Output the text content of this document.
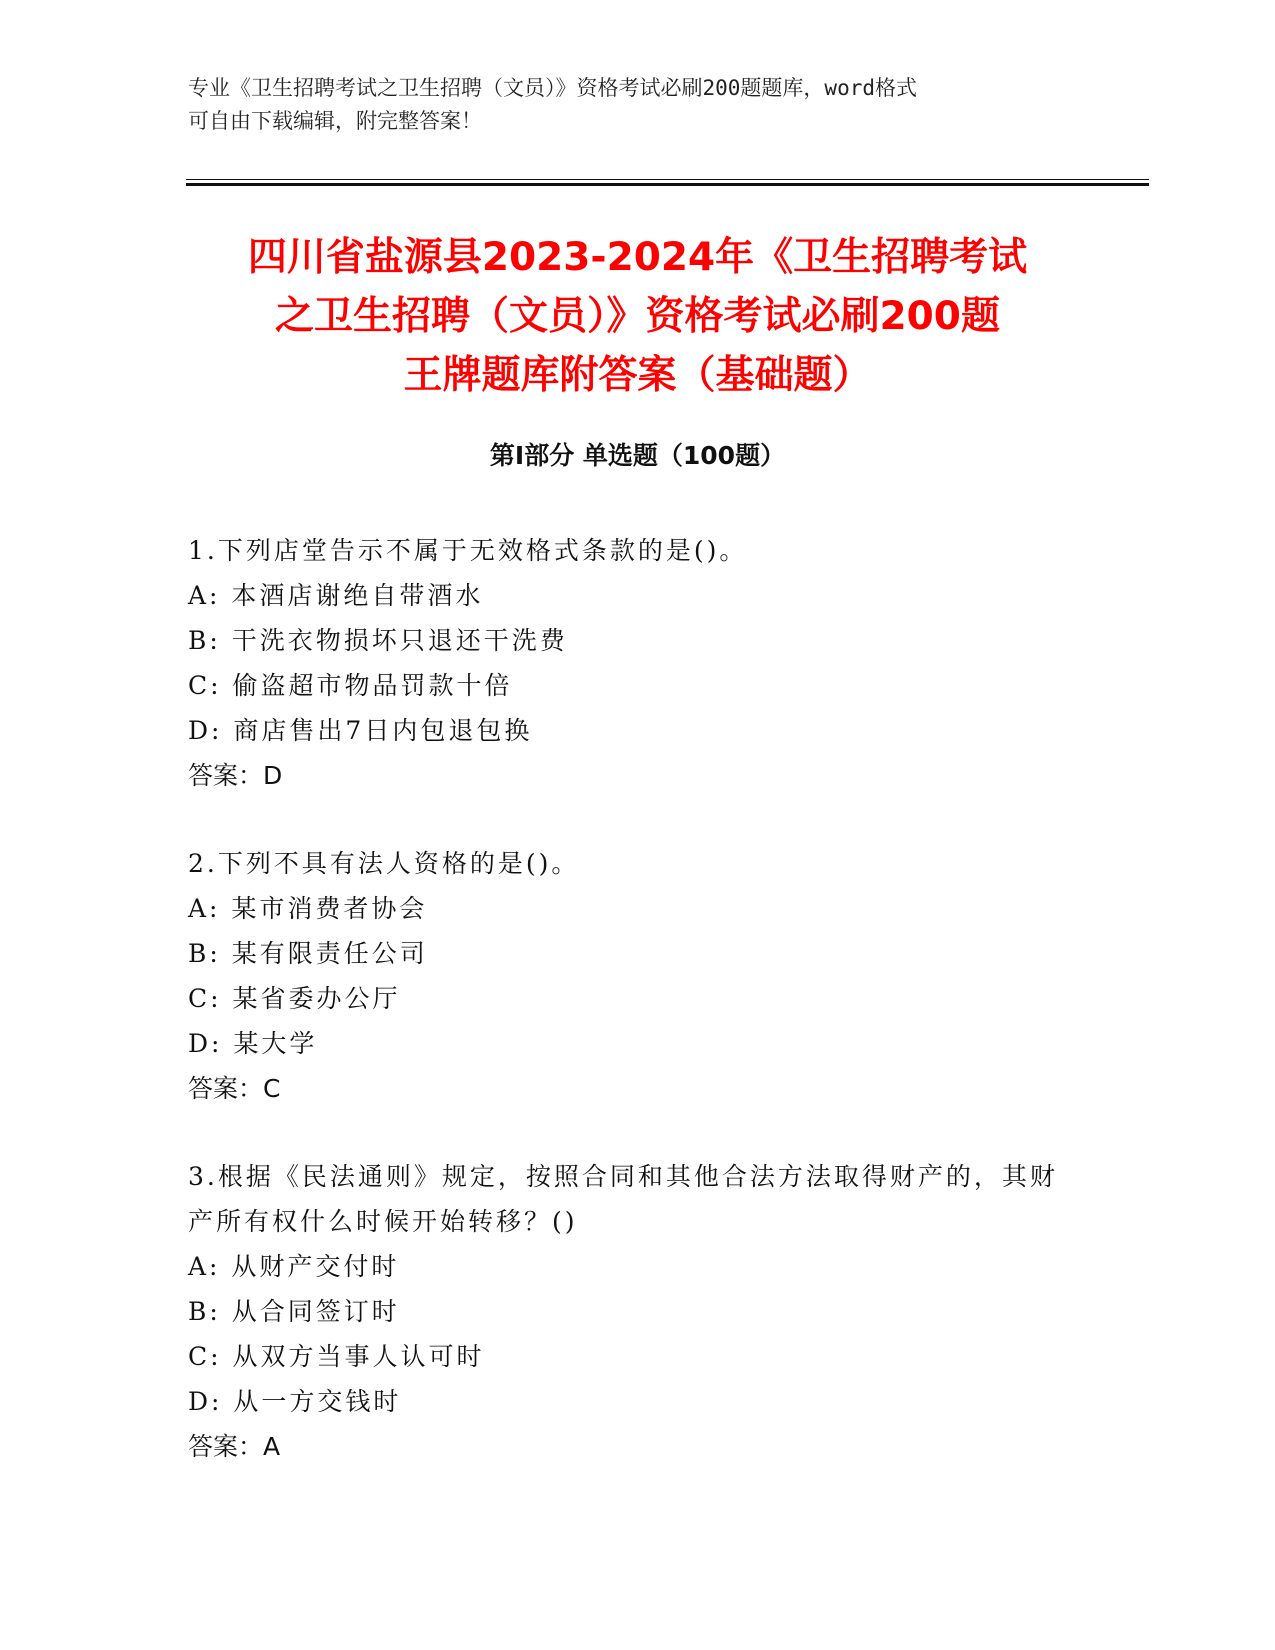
专业《卫生招聘考试之卫生招聘（文员）》资格考试必刷200题题库，word格式
可自由下载编辑，附完整答案！
四川省盐源县2023-2024年《卫生招聘考试
之卫生招聘（文员）》资格考试必刷200题
王牌题库附答案（基础题）
第Ⅰ部分 单选题（100题）
1.下列店堂告示不属于无效格式条款的是()。
A: 本酒店谢绝自带酒水
B: 干洗衣物损坏只退还干洗费
C: 偷盗超市物品罚款十倍
D: 商店售出7日内包退包换
答案：D
2.下列不具有法人资格的是()。
A: 某市消费者协会
B: 某有限责任公司
C: 某省委办公厅
D: 某大学
答案：C
3.根据《民法通则》规定，按照合同和其他合法方法取得财产的，其财产所有权什么时候开始转移？()
A: 从财产交付时
B: 从合同签订时
C: 从双方当事人认可时
D: 从一方交钱时
答案：A
